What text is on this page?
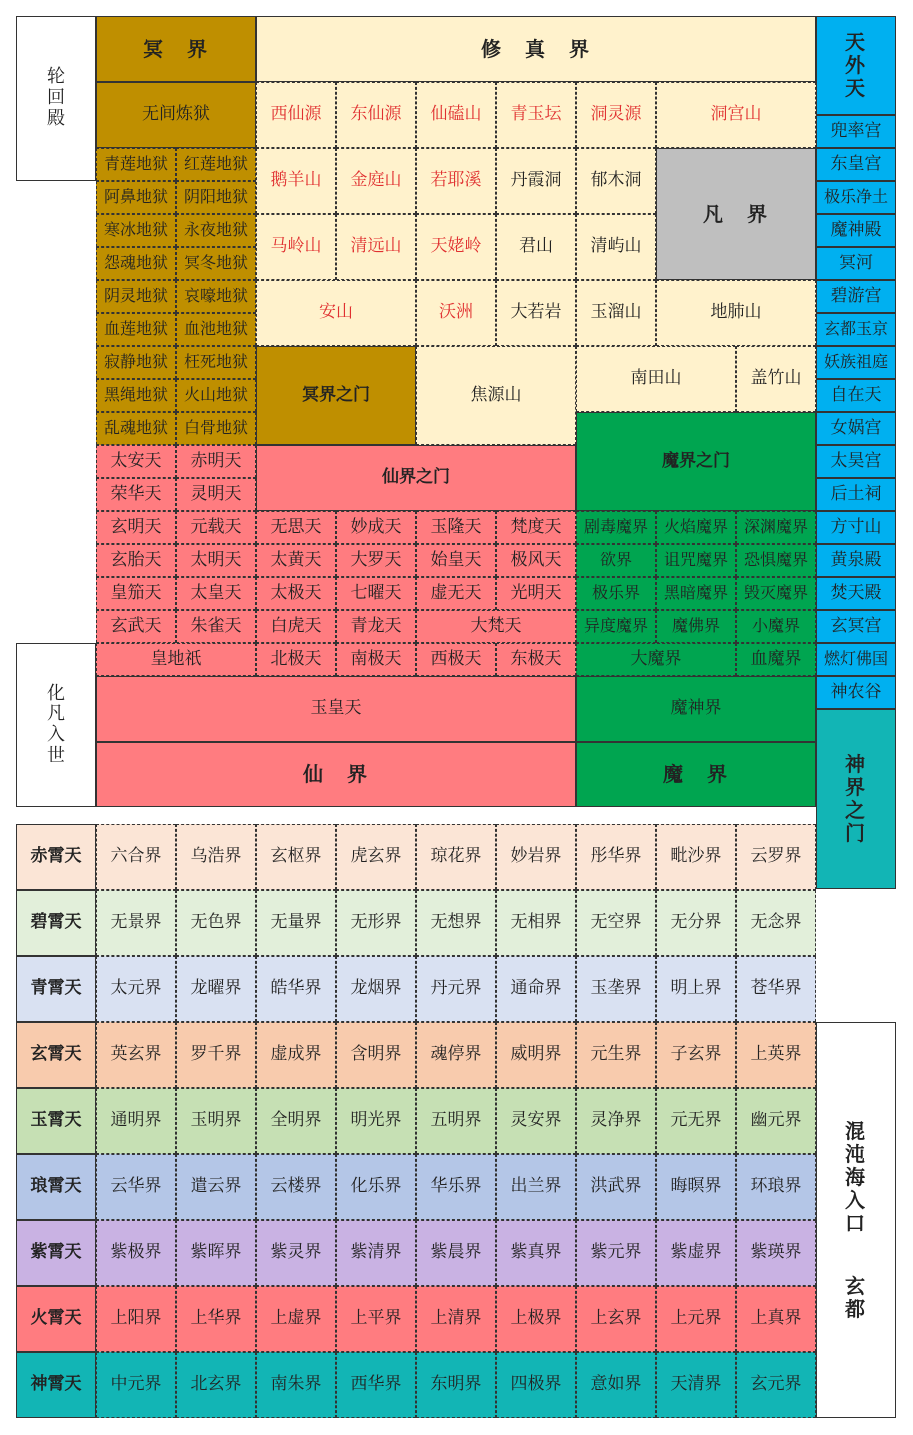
轮
回
殿
化
凡
入
世
冥　界
无间炼狱
青莲地狱 红莲地狱
阿鼻地狱 阴阳地狱
寒冰地狱 永夜地狱
怨魂地狱 冥冬地狱
阴灵地狱 哀嚎地狱
血莲地狱 血池地狱
寂静地狱 枉死地狱
黑绳地狱 火山地狱
乱魂地狱 白骨地狱
修　真　界
西仙源	东仙源	仙磕山	青玉坛	洞灵源	洞宫山
鹅羊山	金庭山	若耶溪	丹霞洞	郁木洞
马岭山	清远山	天姥岭	君山	清屿山
凡　界
安山	沃洲	大若岩	玉溜山	地肺山
冥界之门	焦源山
南田山	盖竹山
太安天	赤明天
荣华天	灵明天
仙界之门
玄明天	元载天	无思天	妙成天	玉隆天	梵度天
玄胎天	太明天	太黄天	大罗天	始皇天	极风天
皇笳天	太皇天	太极天	七曜天	虚无天	光明天
玄武天	朱雀天	白虎天	青龙天	大梵天
皇地祇	北极天	南极天	西极天	东极天
玉皇天
仙　界
魔界之门
剧毒魔界 火焰魔界 深渊魔界
欲界	诅咒魔界 恐惧魔界
极乐界	黑暗魔界 毁灭魔界
异度魔界	魔佛界	小魔界
大魔界	血魔界
魔神界
魔　界
天
外
天
兜率宫
东皇宫
极乐净土
魔神殿
冥河
碧游宫
玄都玉京
妖族祖庭
自在天
女娲宫
太昊宫
后土祠
方寸山
黄泉殿
焚天殿
玄冥宫
燃灯佛国
神农谷
神
界
之
门
赤霄天	六合界	乌浩界	玄枢界	虎玄界	琼花界	妙岩界	彤华界	毗沙界	云罗界
碧霄天	无景界	无色界	无量界	无形界	无想界	无相界	无空界	无分界	无念界
青霄天	太元界	龙曜界	皓华界	龙烟界	丹元界	通命界	玉垄界	明上界	苍华界
玄霄天	英玄界	罗千界	虚成界	含明界	魂停界	威明界	元生界	子玄界	上英界
玉霄天	通明界	玉明界	全明界	明光界	五明界	灵安界	灵净界	元无界	幽元界
琅霄天	云华界	遣云界	云楼界	化乐界	华乐界	出兰界	洪武界	晦暝界	环琅界
紫霄天	紫极界	紫晖界	紫灵界	紫清界	紫晨界	紫真界	紫元界	紫虚界	紫瑛界
火霄天	上阳界	上华界	上虚界	上平界	上清界	上极界	上玄界	上元界	上真界
神霄天	中元界	北玄界	南朱界	西华界	东明界	四极界	意如界	天清界	玄元界
混
沌
海
入
口
玄
都
